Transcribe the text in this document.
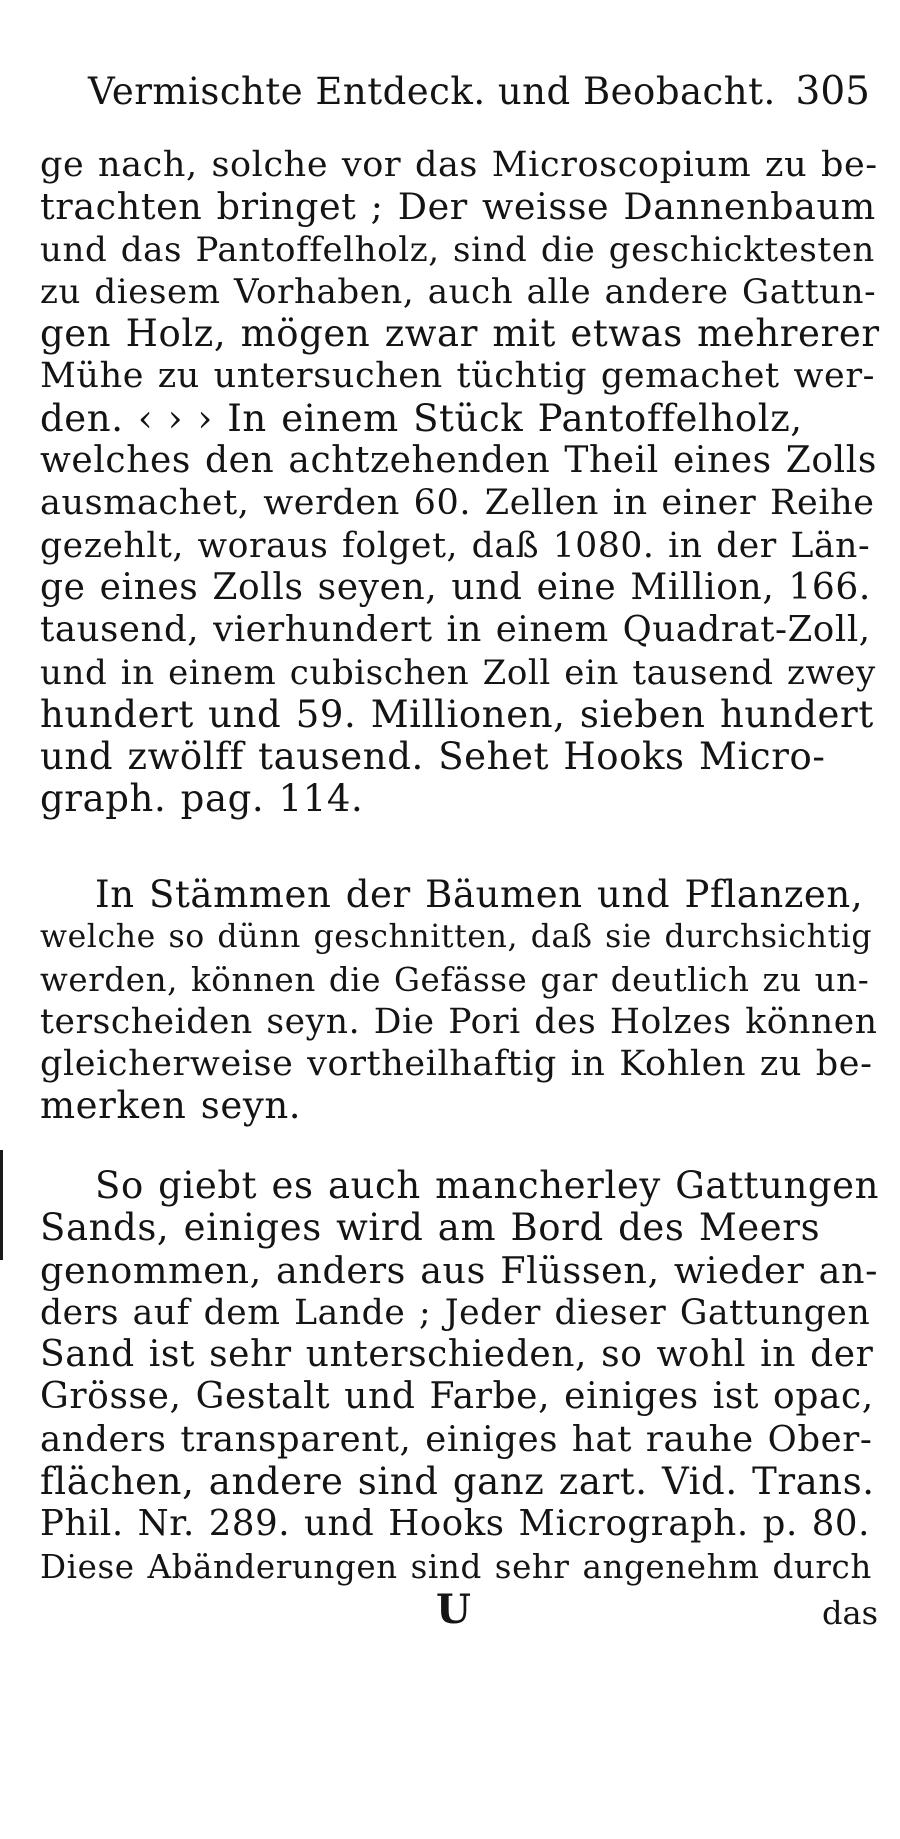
Vermischte Entdeck. und Beobacht. 305
ge nach, solche vor das Microscopium zu be-
trachten bringet ; Der weisse Dannenbaum
und das Pantoffelholz, sind die geschicktesten
zu diesem Vorhaben, auch alle andere Gattun-
gen Holz, mögen zwar mit etwas mehrerer
Mühe zu untersuchen tüchtig gemachet wer-
den. ‹ › › In einem Stück Pantoffelholz,
welches den achtzehenden Theil eines Zolls
ausmachet, werden 60. Zellen in einer Reihe
gezehlt, woraus folget, daß 1080. in der Län-
ge eines Zolls seyen, und eine Million, 166.
tausend, vierhundert in einem Quadrat-Zoll,
und in einem cubischen Zoll ein tausend zwey
hundert und 59. Millionen, sieben hundert
und zwölff tausend. Sehet Hooks Micro-
graph. pag. 114.
In Stämmen der Bäumen und Pflanzen,
welche so dünn geschnitten, daß sie durchsichtig
werden, können die Gefässe gar deutlich zu un-
terscheiden seyn. Die Pori des Holzes können
gleicherweise vortheilhaftig in Kohlen zu be-
merken seyn.
So giebt es auch mancherley Gattungen
Sands, einiges wird am Bord des Meers
genommen, anders aus Flüssen, wieder an-
ders auf dem Lande ; Jeder dieser Gattungen
Sand ist sehr unterschieden, so wohl in der
Grösse, Gestalt und Farbe, einiges ist opac,
anders transparent, einiges hat rauhe Ober-
flächen, andere sind ganz zart. Vid. Trans.
Phil. Nr. 289. und Hooks Micrograph. p. 80.
Diese Abänderungen sind sehr angenehm durch
U	das
